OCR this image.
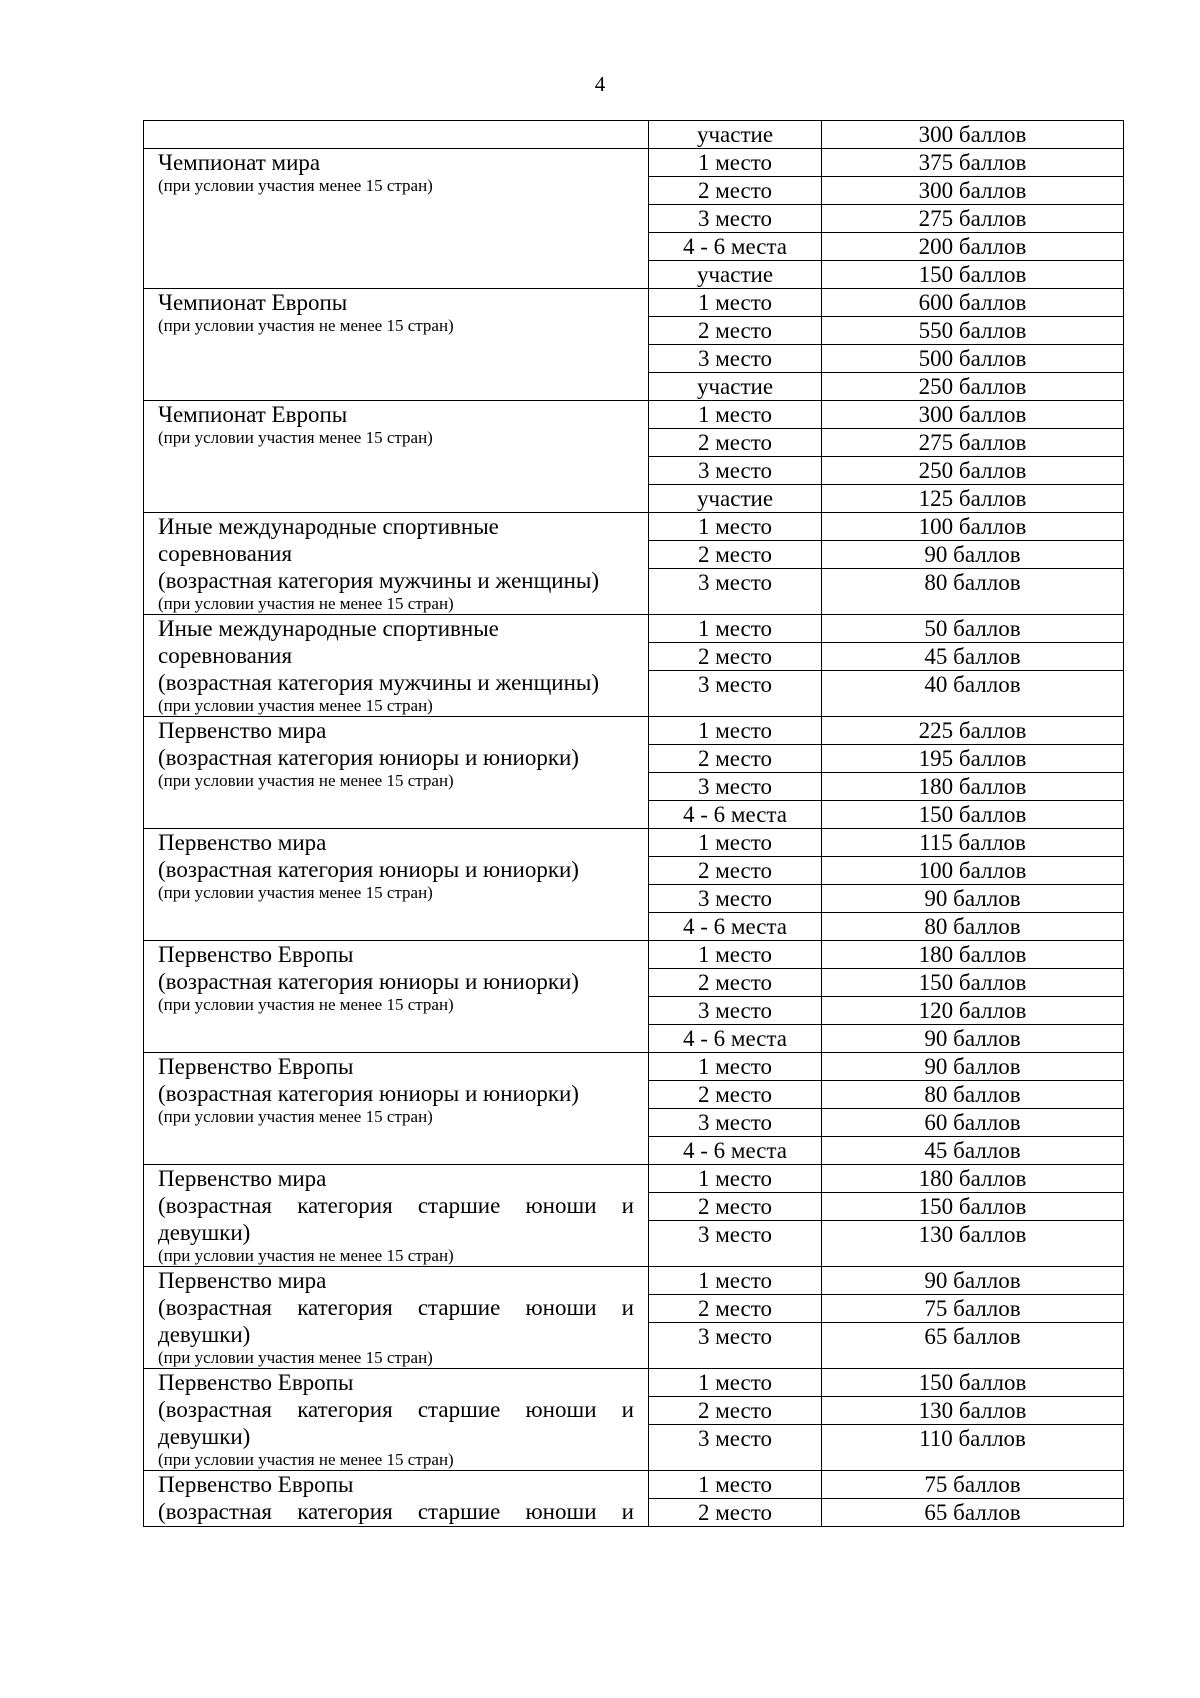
4
	участие	300 баллов

Чемпионат мира
(при условии участия менее 15 стран)	1 место	375 баллов
	2 место	300 баллов
	3 место	275 баллов
	4 - 6 места	200 баллов
	участие	150 баллов

Чемпионат Европы
(при условии участия не менее 15 стран)	1 место	600 баллов
	2 место	550 баллов
	3 место	500 баллов
	участие	250 баллов

Чемпионат Европы
(при условии участия менее 15 стран)	1 место	300 баллов
	2 место	275 баллов
	3 место	250 баллов
	участие	125 баллов

Иные международные спортивные
соревнования
(возрастная категория мужчины и женщины)
(при условии участия не менее 15 стран)	1 место	100 баллов
	2 место	90 баллов
	3 место	80 баллов

Иные международные спортивные
соревнования
(возрастная категория мужчины и женщины)
(при условии участия менее 15 стран)	1 место	50 баллов
	2 место	45 баллов
	3 место	40 баллов

Первенство мира
(возрастная категория юниоры и юниорки)
(при условии участия не менее 15 стран)	1 место	225 баллов
	2 место	195 баллов
	3 место	180 баллов
	4 - 6 места	150 баллов

Первенство мира
(возрастная категория юниоры и юниорки)
(при условии участия менее 15 стран)	1 место	115 баллов
	2 место	100 баллов
	3 место	90 баллов
	4 - 6 места	80 баллов

Первенство Европы
(возрастная категория юниоры и юниорки)
(при условии участия не менее 15 стран)	1 место	180 баллов
	2 место	150 баллов
	3 место	120 баллов
	4 - 6 места	90 баллов

Первенство Европы
(возрастная категория юниоры и юниорки)
(при условии участия менее 15 стран)	1 место	90 баллов
	2 место	80 баллов
	3 место	60 баллов
	4 - 6 места	45 баллов

Первенство мира
(возрастная категория старшие юноши и
девушки)
(при условии участия не менее 15 стран)	1 место	180 баллов
	2 место	150 баллов
	3 место	130 баллов

Первенство мира
(возрастная категория старшие юноши и
девушки)
(при условии участия менее 15 стран)	1 место	90 баллов
	2 место	75 баллов
	3 место	65 баллов

Первенство Европы
(возрастная категория старшие юноши и
девушки)
(при условии участия не менее 15 стран)	1 место	150 баллов
	2 место	130 баллов
	3 место	110 баллов

Первенство Европы
(возрастная категория старшие юноши и	1 место	75 баллов
	2 место	65 баллов
